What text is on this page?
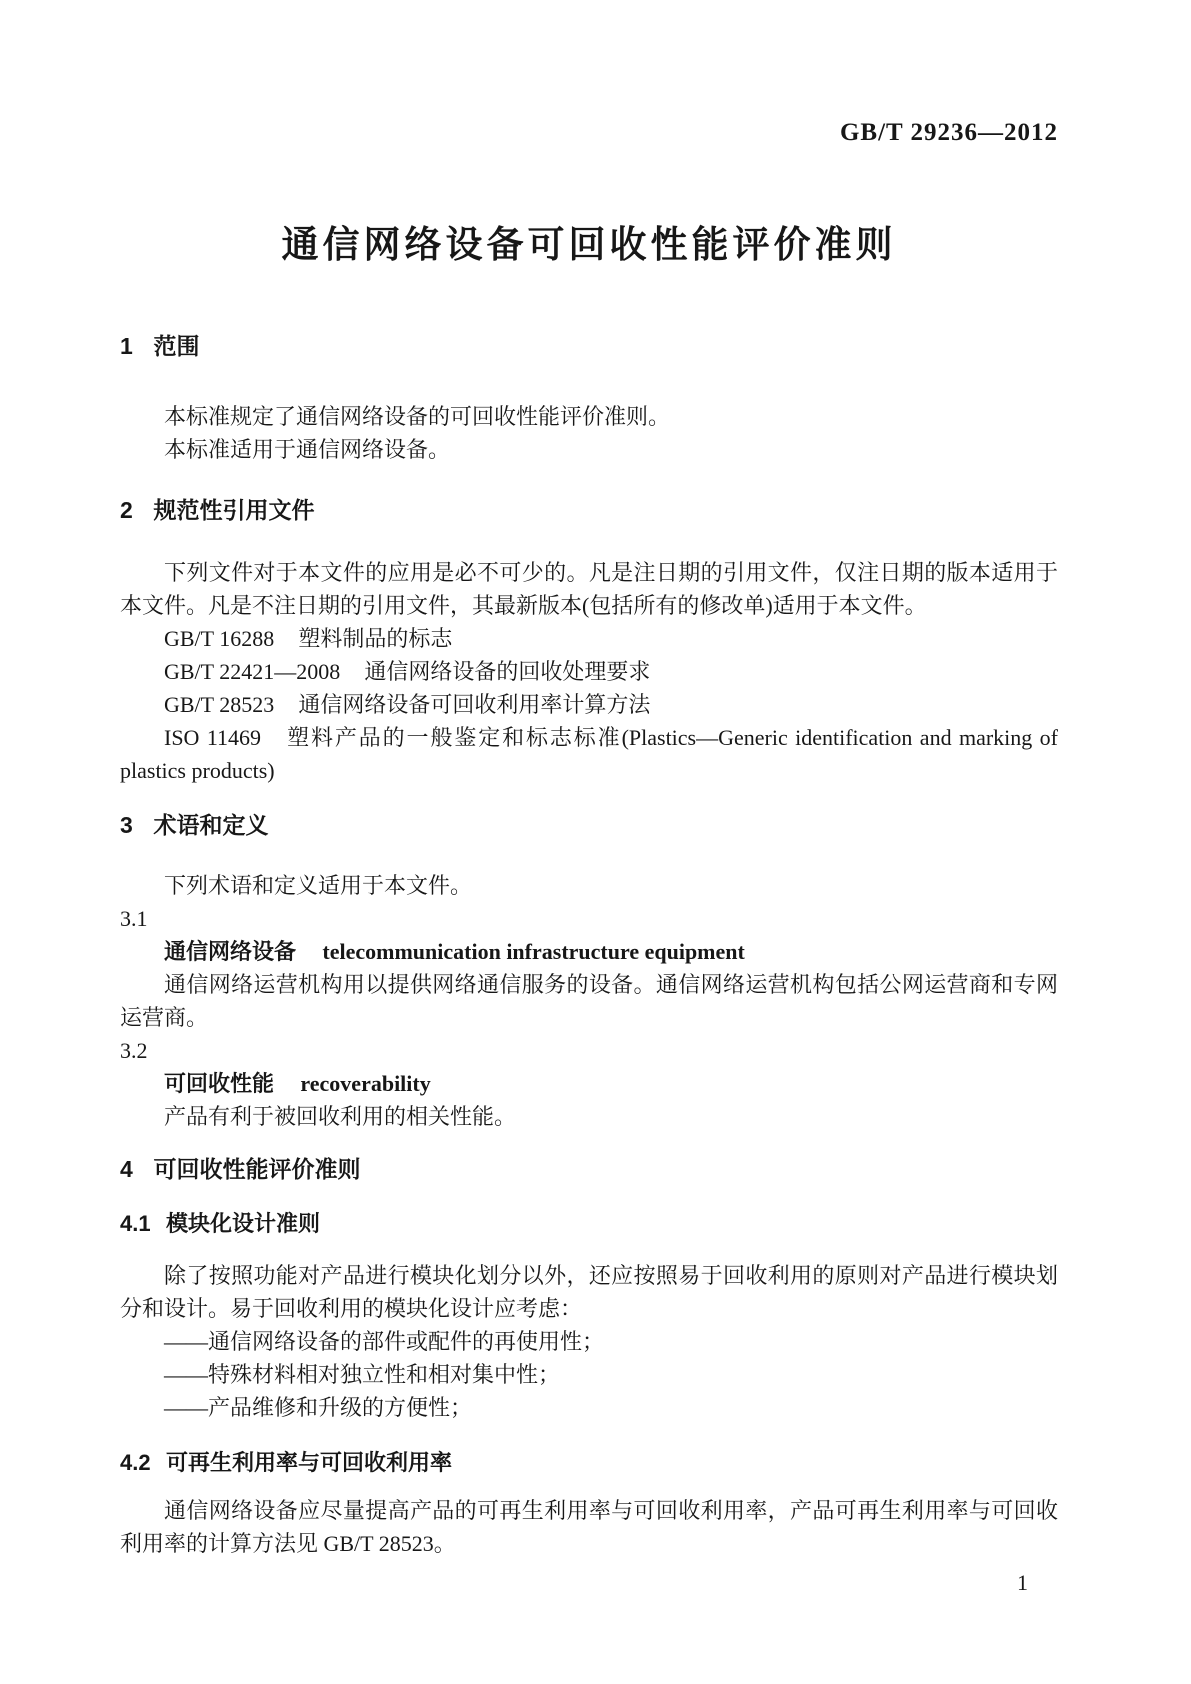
GB/T 29236—2012
通信网络设备可回收性能评价准则
1 范围

本标准规定了通信网络设备的可回收性能评价准则。

本标准适用于通信网络设备。

2 规范性引用文件

下列文件对于本文件的应用是必不可少的。凡是注日期的引用文件，仅注日期的版本适用于本文件。凡是不注日期的引用文件，其最新版本(包括所有的修改单)适用于本文件。

GB/T 16288 塑料制品的标志

GB/T 22421—2008 通信网络设备的回收处理要求

GB/T 28523 通信网络设备可回收利用率计算方法

ISO 11469 塑料产品的一般鉴定和标志标准(Plastics—Generic identification and marking of plastics products)

3 术语和定义

下列术语和定义适用于本文件。

3.1

通信网络设备 telecommunication infrastructure equipment

通信网络运营机构用以提供网络通信服务的设备。通信网络运营机构包括公网运营商和专网运营商。

3.2

可回收性能 recoverability

产品有利于被回收利用的相关性能。

4 可回收性能评价准则
4.1 模块化设计准则

除了按照功能对产品进行模块化划分以外，还应按照易于回收利用的原则对产品进行模块划分和设计。易于回收利用的模块化设计应考虑：

——通信网络设备的部件或配件的再使用性；

——特殊材料相对独立性和相对集中性；

——产品维修和升级的方便性；

4.2 可再生利用率与可回收利用率

通信网络设备应尽量提高产品的可再生利用率与可回收利用率，产品可再生利用率与可回收利用率的计算方法见 GB/T 28523。

1
